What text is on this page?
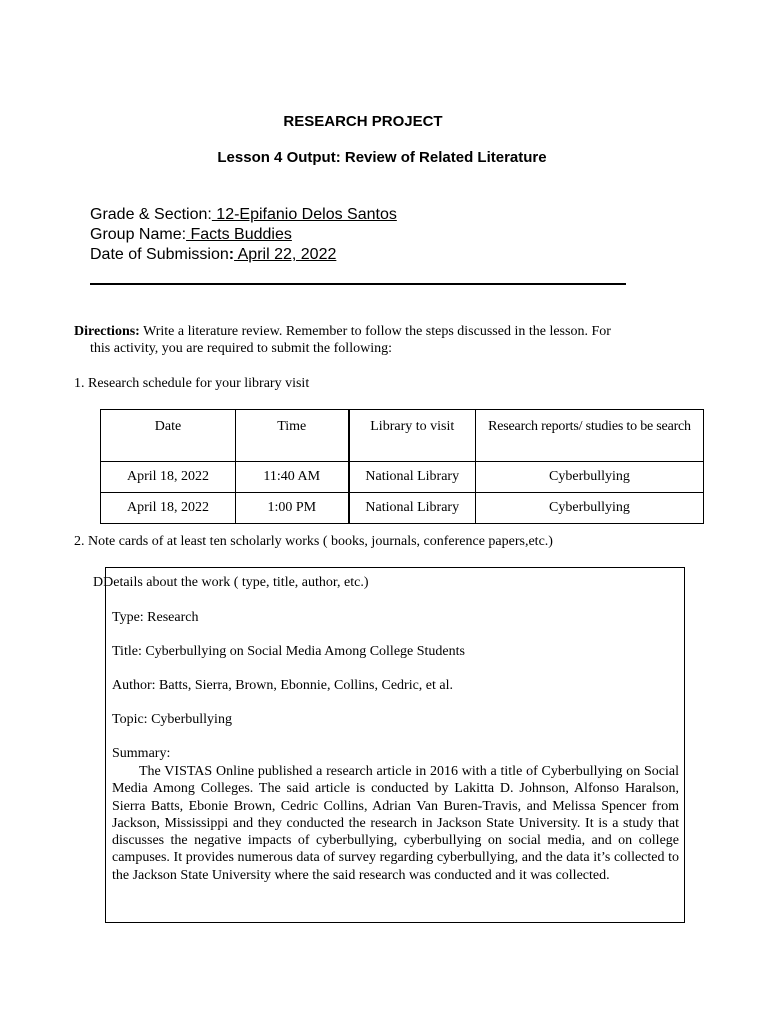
RESEARCH PROJECT
Lesson 4 Output: Review of Related Literature
Grade & Section: 12-Epifanio Delos Santos
Group Name: Facts Buddies
Date of Submission: April 22, 2022
Directions: Write a literature review. Remember to follow the steps discussed in the lesson. For
this activity, you are required to submit the following:
1. Research schedule for your library visit
Date	Time	Library to visit	Research reports/ studies to be search
April 18, 2022	11:40 AM	National Library	Cyberbullying
April 18, 2022	1:00 PM	National Library	Cyberbullying
2. Note cards of at least ten scholarly works ( books, journals, conference papers,etc.)
DDetails about the work ( type, title, author, etc.)
Type: Research
Title: Cyberbullying on Social Media Among College Students
Author: Batts, Sierra, Brown, Ebonnie, Collins, Cedric, et al.
Topic: Cyberbullying
Summary:
The VISTAS Online published a research article in 2016 with a title of Cyberbullying on Social Media Among Colleges. The said article is conducted by Lakitta D. Johnson, Alfonso Haralson, Sierra Batts, Ebonie Brown, Cedric Collins, Adrian Van Buren-Travis, and Melissa Spencer from Jackson, Mississippi and they conducted the research in Jackson State University. It is a study that discusses the negative impacts of cyberbullying, cyberbullying on social media, and on college campuses. It provides numerous data of survey regarding cyberbullying, and the data it’s collected to the Jackson State University where the said research was conducted and it was collected.
